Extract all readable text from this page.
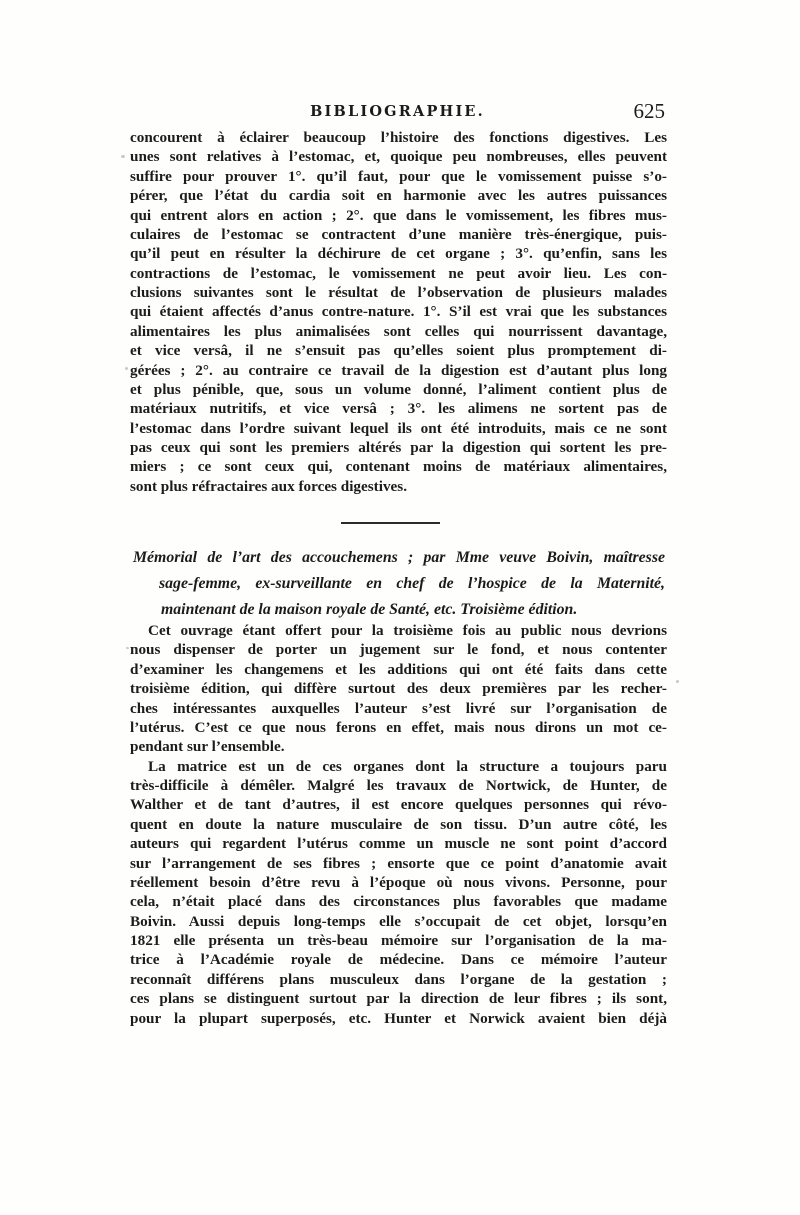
BIBLIOGRAPHIE.	625
concourent à éclairer beaucoup l’histoire des fonctions digestives. Les
unes sont relatives à l’estomac, et, quoique peu nombreuses, elles peuvent
suffire pour prouver 1°. qu’il faut, pour que le vomissement puisse s’o-
pérer, que l’état du cardia soit en harmonie avec les autres puissances
qui entrent alors en action ; 2°. que dans le vomissement, les fibres mus-
culaires de l’estomac se contractent d’une manière très-énergique, puis-
qu’il peut en résulter la déchirure de cet organe ; 3°. qu’enfin, sans les
contractions de l’estomac, le vomissement ne peut avoir lieu. Les con-
clusions suivantes sont le résultat de l’observation de plusieurs malades
qui étaient affectés d’anus contre-nature. 1°. S’il est vrai que les substances
alimentaires les plus animalisées sont celles qui nourrissent davantage,
et vice versâ, il ne s’ensuit pas qu’elles soient plus promptement di-
gérées ; 2°. au contraire ce travail de la digestion est d’autant plus long
et plus pénible, que, sous un volume donné, l’aliment contient plus de
matériaux nutritifs, et vice versâ ; 3°. les alimens ne sortent pas de
l’estomac dans l’ordre suivant lequel ils ont été introduits, mais ce ne sont
pas ceux qui sont les premiers altérés par la digestion qui sortent les pre-
miers ; ce sont ceux qui, contenant moins de matériaux alimentaires,
sont plus réfractaires aux forces digestives.
Mémorial de l’art des accouchemens ; par Mme veuve Boivin, maîtresse
sage-femme, ex-surveillante en chef de l’hospice de la Maternité,
maintenant de la maison royale de Santé, etc. Troisième édition.
Cet ouvrage étant offert pour la troisième fois au public nous devrions
nous dispenser de porter un jugement sur le fond, et nous contenter
d’examiner les changemens et les additions qui ont été faits dans cette
troisième édition, qui diffère surtout des deux premières par les recher-
ches intéressantes auxquelles l’auteur s’est livré sur l’organisation de
l’utérus. C’est ce que nous ferons en effet, mais nous dirons un mot ce-
pendant sur l’ensemble.
La matrice est un de ces organes dont la structure a toujours paru
très-difficile à démêler. Malgré les travaux de Nortwick, de Hunter, de
Walther et de tant d’autres, il est encore quelques personnes qui révo-
quent en doute la nature musculaire de son tissu. D’un autre côté, les
auteurs qui regardent l’utérus comme un muscle ne sont point d’accord
sur l’arrangement de ses fibres ; ensorte que ce point d’anatomie avait
réellement besoin d’être revu à l’époque où nous vivons. Personne, pour
cela, n’était placé dans des circonstances plus favorables que madame
Boivin. Aussi depuis long-temps elle s’occupait de cet objet, lorsqu’en
1821 elle présenta un très-beau mémoire sur l’organisation de la ma-
trice à l’Académie royale de médecine. Dans ce mémoire l’auteur
reconnaît différens plans musculeux dans l’organe de la gestation ;
ces plans se distinguent surtout par la direction de leur fibres ; ils sont,
pour la plupart superposés, etc. Hunter et Norwick avaient bien déjà
